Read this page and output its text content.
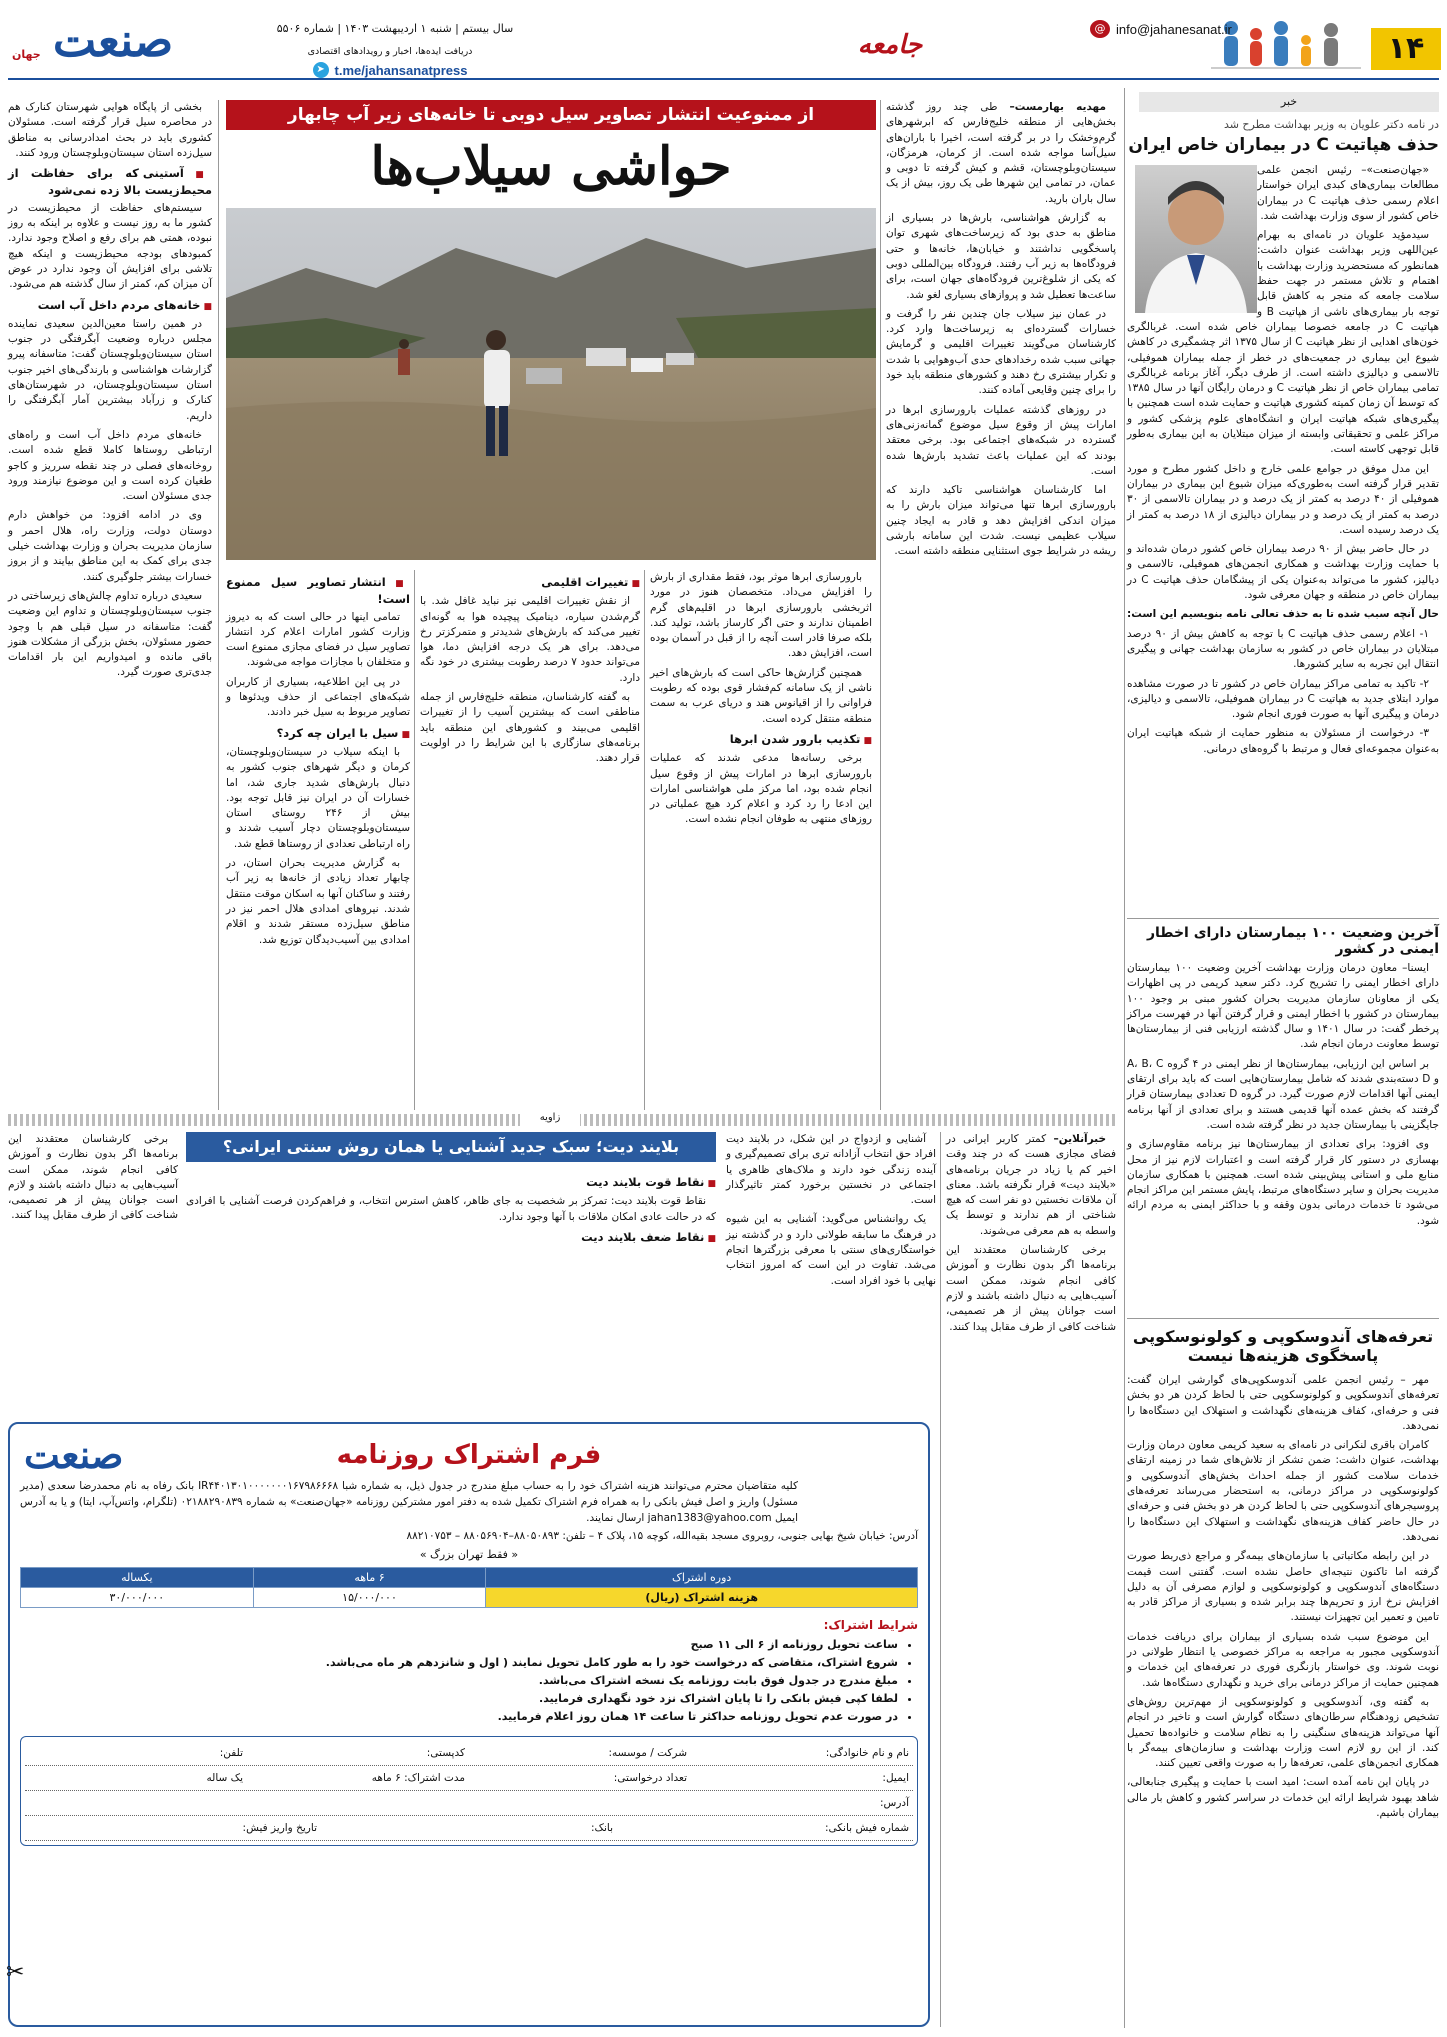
۱۴
جامعه
@ info@jahanesanat.ir
سال بیستم | شنبه ۱ اردیبهشت ۱۴۰۳ | شماره ۵۵۰۶
دریافت ایده‌ها، اخبار و رویدادهای اقتصادی
➤ t.me/jahansanatpress
صنعت
جهان
خبر
در نامه دکتر علویان به وزیر بهداشت مطرح شد
حذف هپاتیت C در بیماران خاص ایران

«جهان‌صنعت»– رئیس انجمن علمی مطالعات بیماری‌های کبدی ایران خواستار اعلام رسمی حذف هپاتیت C در بیماران خاص کشور از سوی وزارت بهداشت شد.

سیدمؤید علویان در نامه‌ای به بهرام عین‌اللهی وزیر بهداشت عنوان داشت: همانطور که مستحضرید وزارت بهداشت با اهتمام و تلاش مستمر در جهت حفظ سلامت جامعه که منجر به کاهش قابل توجه بار بیماری‌های ناشی از هپاتیت B و هپاتیت C در جامعه خصوصا بیماران خاص شده است. غربالگری خون‌های اهدایی از نظر هپاتیت C از سال ۱۳۷۵ اثر چشمگیری در کاهش شیوع این بیماری در جمعیت‌های در خطر از جمله بیماران هموفیلی، تالاسمی و دیالیزی داشته است. از طرف دیگر، آغاز برنامه غربالگری تمامی بیماران خاص از نظر هپاتیت C و درمان رایگان آنها در سال ۱۳۸۵ که توسط آن زمان کمیته کشوری هپاتیت و حمایت شده است همچنین با پیگیری‌های شبکه هپاتیت ایران و انشگاه‌های علوم پزشکی کشور و مراکز علمی و تحقیقاتی وابسته از میزان مبتلایان به این بیماری به‌طور قابل توجهی کاسته است.

این مدل موفق در جوامع علمی خارج و داخل کشور مطرح و مورد تقدیر قرار گرفته است به‌طوری‌که میزان شیوع این بیماری در بیماران هموفیلی از ۴۰ درصد به کمتر از یک درصد و در بیماران تالاسمی از ۳۰ درصد به کمتر از یک درصد و در بیماران دیالیزی از ۱۸ درصد به کمتر از یک درصد رسیده است.

در حال حاضر بیش از ۹۰ درصد بیماران خاص کشور درمان شده‌اند و با حمایت وزارت بهداشت و همکاری انجمن‌های هموفیلی، تالاسمی و دیالیز، کشور ما می‌تواند به‌عنوان یکی از پیشگامان حذف هپاتیت C در بیماران خاص در منطقه و جهان معرفی شود.

حال آنچه سبب شده تا به حذف تعالی نامه بنویسیم این است:

۱- اعلام رسمی حذف هپاتیت C با توجه به کاهش بیش از ۹۰ درصد مبتلایان در بیماران خاص در کشور به سازمان بهداشت جهانی و پیگیری انتقال این تجربه به سایر کشورها.

۲- تاکید به تمامی مراکز بیماران خاص در کشور تا در صورت مشاهده موارد ابتلای جدید به هپاتیت C در بیماران هموفیلی، تالاسمی و دیالیزی، درمان و پیگیری آنها به صورت فوری انجام شود.

۳- درخواست از مسئولان به منظور حمایت از شبکه هپاتیت ایران به‌عنوان مجموعه‌ای فعال و مرتبط با گروه‌های درمانی.

آخرین وضعیت ۱۰۰ بیمارستان دارای اخطار ایمنی در کشور

ایسنا– معاون درمان وزارت بهداشت آخرین وضعیت ۱۰۰ بیمارستان دارای اخطار ایمنی را تشریح کرد. دکتر سعید کریمی در پی اظهارات یکی از معاونان سازمان مدیریت بحران کشور مبنی بر وجود ۱۰۰ بیمارستان در کشور با اخطار ایمنی و قرار گرفتن آنها در فهرست مراکز پرخطر گفت: در سال ۱۴۰۱ و سال گذشته ارزیابی فنی از بیمارستان‌ها توسط معاونت درمان انجام شد.

بر اساس این ارزیابی، بیمارستان‌ها از نظر ایمنی در ۴ گروه A، B، C و D دسته‌بندی شدند که شامل بیمارستان‌هایی است که باید برای ارتقای ایمنی آنها اقدامات لازم صورت گیرد. در گروه D تعدادی بیمارستان قرار گرفتند که بخش عمده آنها قدیمی هستند و برای تعدادی از آنها برنامه جایگزینی با بیمارستان جدید در نظر گرفته شده است.

وی افزود: برای تعدادی از بیمارستان‌ها نیز برنامه مقاوم‌سازی و بهسازی در دستور کار قرار گرفته است و اعتبارات لازم نیز از محل منابع ملی و استانی پیش‌بینی شده است. همچنین با همکاری سازمان مدیریت بحران و سایر دستگاه‌های مرتبط، پایش مستمر این مراکز انجام می‌شود تا خدمات درمانی بدون وقفه و با حداکثر ایمنی به مردم ارائه شود.

تعرفه‌های آندوسکوپی و کولونوسکوپی پاسخگوی هزینه‌ها نیست

مهر – رئیس انجمن علمی آندوسکوپی‌های گوارشی ایران گفت: تعرفه‌های آندوسکوپی و کولونوسکوپی حتی با لحاظ کردن هر دو بخش فنی و حرفه‌ای، کفاف هزینه‌های نگهداشت و استهلاک این دستگاه‌ها را نمی‌دهد.

کامران باقری لنکرانی در نامه‌ای به سعید کریمی معاون درمان وزارت بهداشت، عنوان داشت: ضمن تشکر از تلاش‌های شما در زمینه ارتقای خدمات سلامت کشور از جمله احداث بخش‌های آندوسکوپی و کولونوسکوپی در مراکز درمانی، به استحضار می‌رساند تعرفه‌های پروسیجرهای آندوسکوپی حتی با لحاظ کردن هر دو بخش فنی و حرفه‌ای در حال حاضر کفاف هزینه‌های نگهداشت و استهلاک این دستگاه‌ها را نمی‌دهد.

در این رابطه مکاتباتی با سازمان‌های بیمه‌گر و مراجع ذی‌ربط صورت گرفته اما تاکنون نتیجه‌ای حاصل نشده است. گفتنی است قیمت دستگاه‌های آندوسکوپی و کولونوسکوپی و لوازم مصرفی آن به دلیل افزایش نرخ ارز و تحریم‌ها چند برابر شده و بسیاری از مراکز قادر به تامین و تعمیر این تجهیزات نیستند.

این موضوع سبب شده بسیاری از بیماران برای دریافت خدمات آندوسکوپی مجبور به مراجعه به مراکز خصوصی یا انتظار طولانی در نوبت شوند. وی خواستار بازنگری فوری در تعرفه‌های این خدمات و همچنین حمایت از مراکز درمانی برای خرید و نگهداری دستگاه‌ها شد.

به گفته وی، آندوسکوپی و کولونوسکوپی از مهم‌ترین روش‌های تشخیص زودهنگام سرطان‌های دستگاه گوارش است و تاخیر در انجام آنها می‌تواند هزینه‌های سنگینی را به نظام سلامت و خانواده‌ها تحمیل کند. از این رو لازم است وزارت بهداشت و سازمان‌های بیمه‌گر با همکاری انجمن‌های علمی، تعرفه‌ها را به صورت واقعی تعیین کنند.

در پایان این نامه آمده است: امید است با حمایت و پیگیری جنابعالی، شاهد بهبود شرایط ارائه این خدمات در سراسر کشور و کاهش بار مالی بیماران باشیم.

از ممنوعیت انتشار تصاویر سیل دوبی تا خانه‌های زیر آب چابهار
حواشی سیلاب‌ها

مهدیه بهارمست– طی چند روز گذشته بخش‌هایی از منطقه خلیج‌فارس که ابرشهرهای گرم‌وخشک را در بر گرفته است، اخیرا با باران‌های سیل‌آسا مواجه شده است. از کرمان، هرمزگان، سیستان‌وبلوچستان، قشم و کیش گرفته تا دوبی و عمان، در تمامی این شهرها طی یک روز، بیش از یک سال باران بارید.

به گزارش هواشناسی، بارش‌ها در بسیاری از مناطق به حدی بود که زیرساخت‌های شهری توان پاسخگویی نداشتند و خیابان‌ها، خانه‌ها و حتی فرودگاه‌ها به زیر آب رفتند. فرودگاه بین‌المللی دوبی که یکی از شلوغ‌ترین فرودگاه‌های جهان است، برای ساعت‌ها تعطیل شد و پروازهای بسیاری لغو شد.

در عمان نیز سیلاب جان چندین نفر را گرفت و خسارات گسترده‌ای به زیرساخت‌ها وارد کرد. کارشناسان می‌گویند تغییرات اقلیمی و گرمایش جهانی سبب شده رخدادهای حدی آب‌وهوایی با شدت و تکرار بیشتری رخ دهند و کشورهای منطقه باید خود را برای چنین وقایعی آماده کنند.

در روزهای گذشته عملیات بارورسازی ابرها در امارات پیش از وقوع سیل موضوع گمانه‌زنی‌های گسترده در شبکه‌های اجتماعی بود. برخی معتقد بودند که این عملیات باعث تشدید بارش‌ها شده است.

اما کارشناسان هواشناسی تاکید دارند که بارورسازی ابرها تنها می‌تواند میزان بارش را به میزان اندکی افزایش دهد و قادر به ایجاد چنین سیلاب عظیمی نیست. شدت این سامانه بارشی ریشه در شرایط جوی استثنایی منطقه داشته است.

بارورسازی ابرها موثر بود، فقط مقداری از بارش را افزایش می‌داد. متخصصان هنوز در مورد اثربخشی بارورسازی ابرها در اقلیم‌های گرم اطمینان ندارند و حتی اگر کارساز باشد، تولید کند. بلکه صرفا قادر است آنچه را از قبل در آسمان بوده است، افزایش دهد.

همچنین گزارش‌ها حاکی است که بارش‌های اخیر ناشی از یک سامانه کم‌فشار قوی بوده که رطوبت فراوانی را از اقیانوس هند و دریای عرب به سمت منطقه منتقل کرده است.

■ تکذیب بارور شدن ابرها

برخی رسانه‌ها مدعی شدند که عملیات بارورسازی ابرها در امارات پیش از وقوع سیل انجام شده بود، اما مرکز ملی هواشناسی امارات این ادعا را رد کرد و اعلام کرد هیچ عملیاتی در روزهای منتهی به طوفان انجام نشده است.

■ تغییرات اقلیمی

از نقش تغییرات اقلیمی نیز نباید غافل شد. با گرم‌شدن سیاره، دینامیک پیچیده هوا به گونه‌ای تغییر می‌کند که بارش‌های شدیدتر و متمرکزتر رخ می‌دهد. برای هر یک درجه افزایش دما، هوا می‌تواند حدود ۷ درصد رطوبت بیشتری در خود نگه دارد.

به گفته کارشناسان، منطقه خلیج‌فارس از جمله مناطقی است که بیشترین آسیب را از تغییرات اقلیمی می‌بیند و کشورهای این منطقه باید برنامه‌های سازگاری با این شرایط را در اولویت قرار دهند.

■ انتشار تصاویر سیل ممنوع است!

تمامی اینها در حالی است که به دیروز وزارت کشور امارات اعلام کرد انتشار تصاویر سیل در فضای مجازی ممنوع است و متخلفان با مجازات مواجه می‌شوند.

در پی این اطلاعیه، بسیاری از کاربران شبکه‌های اجتماعی از حذف ویدئوها و تصاویر مربوط به سیل خبر دادند.

■ سیل با ایران چه کرد؟

با اینکه سیلاب در سیستان‌وبلوچستان، کرمان و دیگر شهرهای جنوب کشور به دنبال بارش‌های شدید جاری شد، اما خسارات آن در ایران نیز قابل توجه بود. بیش از ۲۴۶ روستای استان سیستان‌وبلوچستان دچار آسیب شدند و راه ارتباطی تعدادی از روستاها قطع شد.

به گزارش مدیریت بحران استان، در چابهار تعداد زیادی از خانه‌ها به زیر آب رفتند و ساکنان آنها به اسکان موقت منتقل شدند. نیروهای امدادی هلال احمر نیز در مناطق سیل‌زده مستقر شدند و اقلام امدادی بین آسیب‌دیدگان توزیع شد.

بخشی از پایگاه هوایی شهرستان کنارک هم در محاصره سیل قرار گرفته است. مسئولان کشوری باید در بحث امدادرسانی به مناطق سیل‌زده استان سیستان‌وبلوچستان ورود کنند.

■ آستینی که برای حفاظت از محیط‌زیست بالا زده نمی‌شود

سیستم‌های حفاظت از محیط‌زیست در کشور ما به روز نیست و علاوه بر اینکه به روز نبوده، همتی هم برای رفع و اصلاح وجود ندارد. کمبودهای بودجه محیط‌زیست و اینکه هیچ تلاشی برای افزایش آن وجود ندارد در عوض آن میزان کم، کمتر از سال گذشته هم می‌شود.

■ خانه‌های مردم داخل آب است

در همین راستا معین‌الدین سعیدی نماینده مجلس درباره وضعیت آبگرفتگی در جنوب استان سیستان‌وبلوچستان گفت: متاسفانه پیرو گزارشات هواشناسی و بارندگی‌های اخیر جنوب استان سیستان‌وبلوچستان، در شهرستان‌های کنارک و زرآباد بیشترین آمار آبگرفتگی را داریم.

خانه‌های مردم داخل آب است و راه‌های ارتباطی روستاها کاملا قطع شده است. روخانه‌های فصلی در چند نقطه سرریز و کاجو طغیان کرده است و این موضوع نیازمند ورود جدی مسئولان است.

وی در ادامه افزود: من خواهش دارم دوستان دولت، وزارت راه، هلال احمر و سازمان مدیریت بحران و وزارت بهداشت خیلی جدی برای کمک به این مناطق بیایند و از بروز خسارات بیشتر جلوگیری کنند.

سعیدی درباره تداوم چالش‌های زیرساختی در جنوب سیستان‌وبلوچستان و تداوم این وضعیت گفت: متاسفانه در سیل قبلی هم با وجود حضور مسئولان، بخش بزرگی از مشکلات هنوز باقی مانده و امیدواریم این بار اقدامات جدی‌تری صورت گیرد.

زاویه
بلایند دیت؛ سبک جدید آشنایی یا همان روش سنتی ایرانی؟	خبرآنلاین– کمتر کاربر ایرانی در فضای مجازی هست که در چند وقت اخیر کم یا زیاد در جریان برنامه‌های «بلایند دیت» قرار نگرفته باشد. معنای آن ملاقات نخستین دو نفر است که هیچ شناختی از هم ندارند و توسط یک واسطه به هم معرفی می‌شوند.

برخی کارشناسان معتقدند این برنامه‌ها اگر بدون نظارت و آموزش کافی انجام شوند، ممکن است آسیب‌هایی به دنبال داشته باشند و لازم است جوانان پیش از هر تصمیمی، شناخت کافی از طرف مقابل پیدا کنند.

آشنایی و ازدواج در این شکل، در بلایند دیت افراد حق انتخاب آزادانه تری برای تصمیم‌گیری و آینده زندگی خود دارند و ملاک‌های ظاهری یا اجتماعی در نخستین برخورد کمتر تاثیرگذار است.

یک روانشناس می‌گوید: آشنایی به این شیوه در فرهنگ ما سابقه طولانی دارد و در گذشته نیز خواستگاری‌های سنتی با معرفی بزرگترها انجام می‌شد. تفاوت در این است که امروز انتخاب نهایی با خود افراد است.

■ نقاط قوت بلایند دیت

نقاط قوت بلایند دیت: تمرکز بر شخصیت به جای ظاهر، کاهش استرس انتخاب، و فراهم‌کردن فرصت آشنایی با افرادی که در حالت عادی امکان ملاقات با آنها وجود ندارد.

■ نقاط ضعف بلایند دیت

برخی کارشناسان معتقدند این برنامه‌ها اگر بدون نظارت و آموزش کافی انجام شوند، ممکن است آسیب‌هایی به دنبال داشته باشند و لازم است جوانان پیش از هر تصمیمی، شناخت کافی از طرف مقابل پیدا کنند.

صنعت	فرم اشتراک روزنامه
کلیه متقاضیان محترم می‌توانند هزینه اشتراک خود را به حساب مبلغ مندرج در جدول ذیل، به شماره شبا IR۴۴۰۱۳۰۱۰۰۰۰۰۰۰۱۶۷۹۸۶۶۶۸ بانک رفاه به نام محمدرضا سعدی (مدیر مسئول) واریز و اصل فیش بانکی را به همراه فرم اشتراک تکمیل شده به دفتر امور مشترکین روزنامه «جهان‌صنعت» به شماره ۰۲۱۸۸۲۹۰۸۳۹ (تلگرام، واتس‌آپ، ایتا) و یا به آدرس ایمیل jahan1383@yahoo.com ارسال نمایند.
آدرس: خیابان شیخ بهایی جنوبی، رو‌بروی مسجد بقیه‌الله، کوچه ۱۵، پلاک ۴ – تلفن: ۸۸۰۵۰۸۹۳–۸۸۰۵۶۹۰۴ – ۸۸۲۱۰۷۵۳
« فقط تهران بزرگ »
دوره اشتراک	۶ ماهه	یکساله
هزینه اشتراک (ریال)	۱۵/۰۰۰/۰۰۰	۳۰/۰۰۰/۰۰۰
شرایط اشتراک:
• ساعت تحویل روزنامه از ۶ الی ۱۱ صبح
• شروع اشتراک، متقاضی که درخواست خود را به طور کامل تحویل نمایند ( اول و شانزدهم هر ماه می‌باشد.
• مبلغ مندرج در جدول فوق بابت روزنامه یک نسخه اشتراک می‌باشد.
• لطفا کپی فیش بانکی را تا پایان اشتراک نزد خود نگهداری فرمایید.
• در صورت عدم تحویل روزنامه حداکثر تا ساعت ۱۴ همان روز اعلام فرمایید.
نام و نام خانوادگی:
شرکت / موسسه:
کدپستی:
تلفن:
ایمیل:
تعداد درخواستی:
مدت اشتراک: ۶ ماهه
یک ساله
آدرس:
شماره فیش بانکی:
بانک:
تاریخ واریز فیش:
✂
